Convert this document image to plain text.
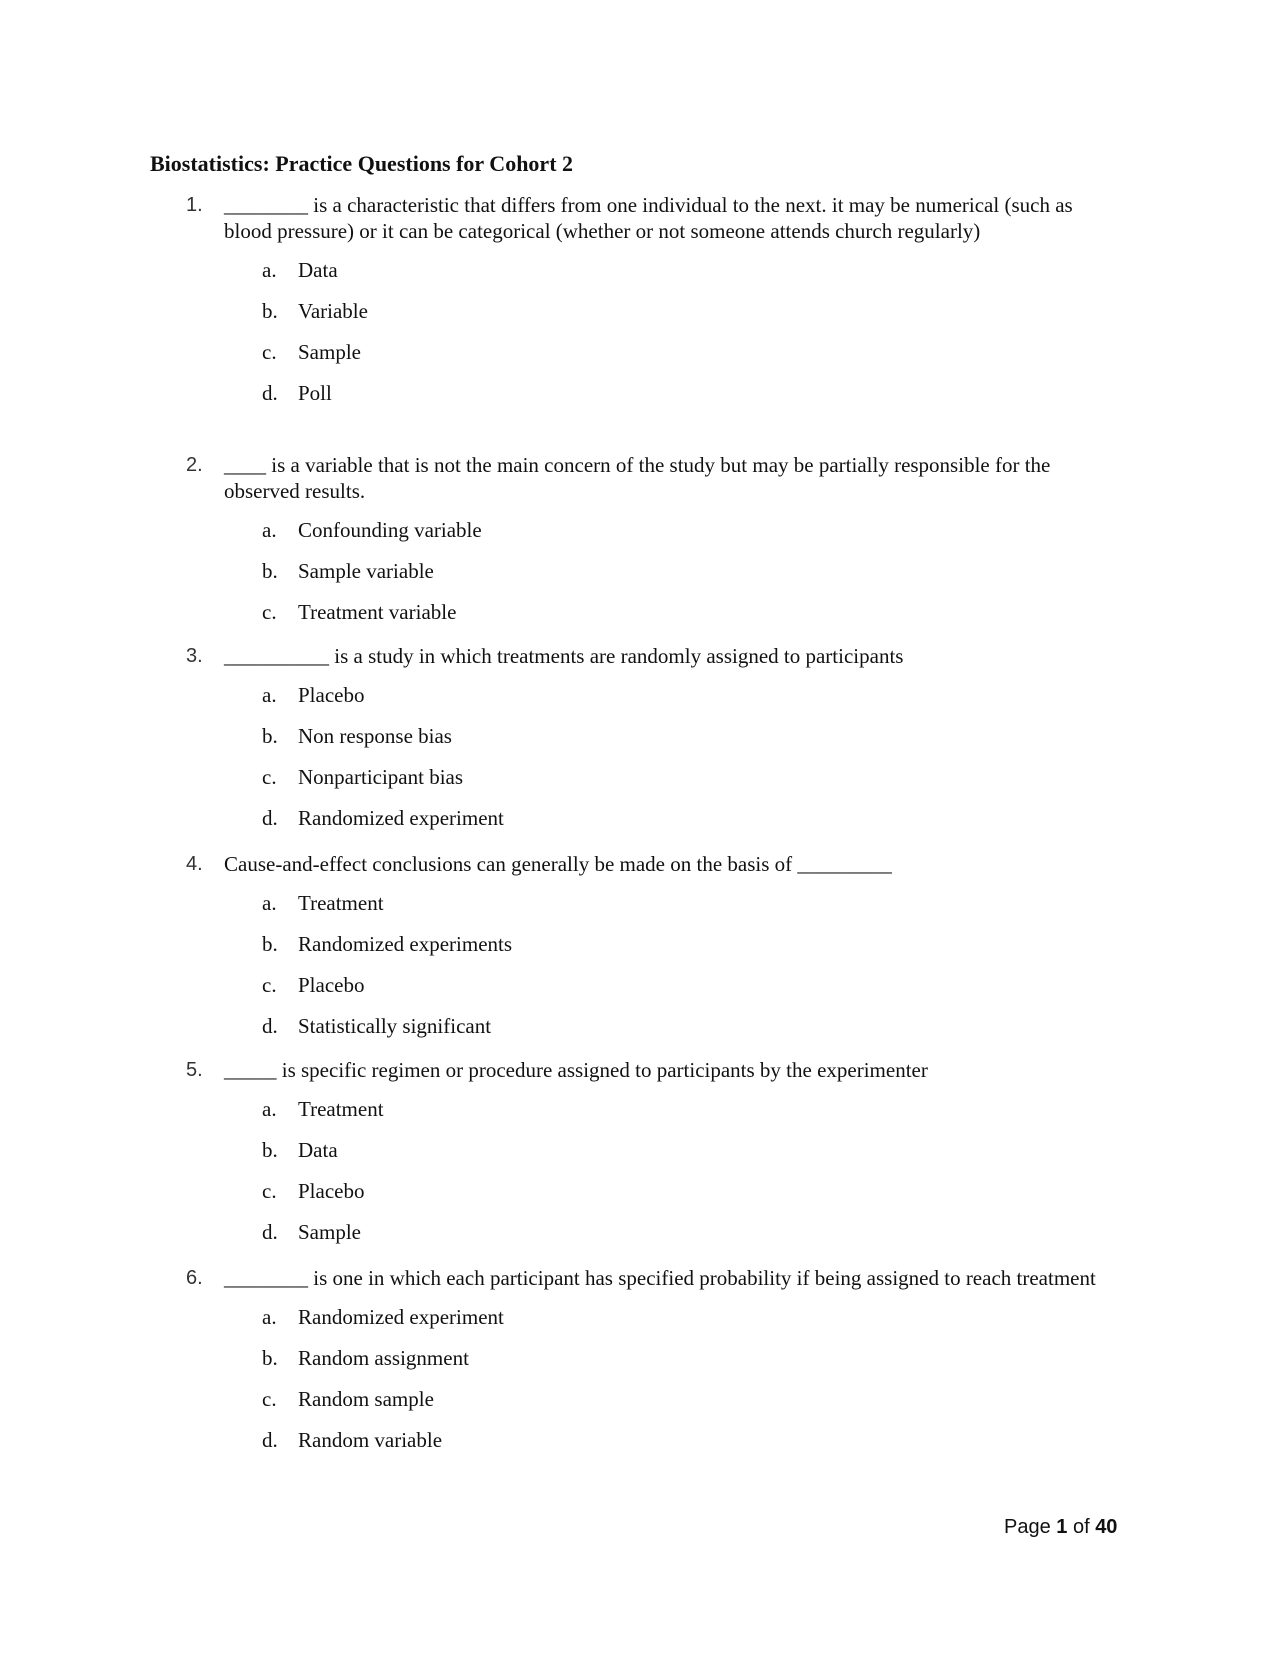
Biostatistics: Practice Questions for Cohort 2
1.	________ is a characteristic that differs from one individual to the next. it may be numerical (such as blood pressure) or it can be categorical (whether or not someone attends church regularly)
2.	____ is a variable that is not the main concern of the study but may be partially responsible for the observed results.
3.	__________ is a study in which treatments are randomly assigned to participants
4.	Cause-and-effect conclusions can generally be made on the basis of _________
5.	_____ is specific regimen or procedure assigned to participants by the experimenter
6.	________ is one in which each participant has specified probability if being assigned to reach treatment
a.	Data
b. Variable
c.	Sample
d. Poll
a.	Confounding variable
b. Sample variable
c.	Treatment variable
a.	Placebo
b. Non response bias
c.	Nonparticipant bias
d. Randomized experiment
a.	Treatment
b. Randomized experiments
c.	Placebo
d. Statistically significant
a.	Treatment
b. Data
c.	Placebo
d. Sample
a.	Randomized experiment
b. Random assignment
c.	Random sample
d. Random variable
Page 1 of 40
